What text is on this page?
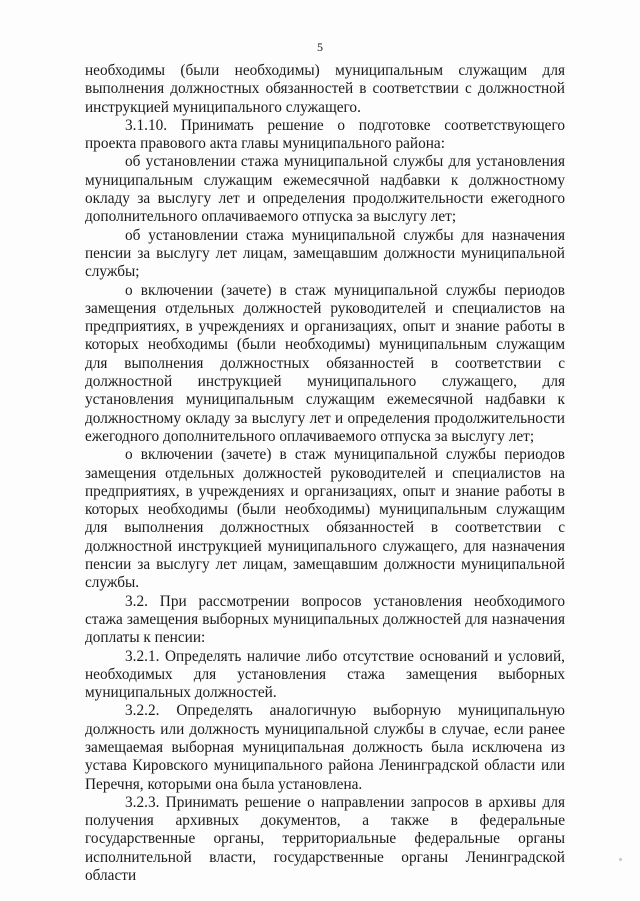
5

необходимы (были необходимы) муниципальным служащим для выполнения должностных обязанностей в соответствии с должностной инструкцией муниципального служащего.

3.1.10. Принимать решение о подготовке соответствующего проекта правового акта главы муниципального района:

об установлении стажа муниципальной службы для установления муниципальным служащим ежемесячной надбавки к должностному окладу за выслугу лет и определения продолжительности ежегодного дополнительного оплачиваемого отпуска за выслугу лет;

об установлении стажа муниципальной службы для назначения пенсии за выслугу лет лицам, замещавшим должности муниципальной службы;

о включении (зачете) в стаж муниципальной службы периодов замещения отдельных должностей руководителей и специалистов на предприятиях, в учреждениях и организациях, опыт и знание работы в которых необходимы (были необходимы) муниципальным служащим для выполнения должностных обязанностей в соответствии с должностной инструкцией муниципального служащего, для установления муниципальным служащим ежемесячной надбавки к должностному окладу за выслугу лет и определения продолжительности ежегодного дополнительного оплачиваемого отпуска за выслугу лет;

о включении (зачете) в стаж муниципальной службы периодов замещения отдельных должностей руководителей и специалистов на предприятиях, в учреждениях и организациях, опыт и знание работы в которых необходимы (были необходимы) муниципальным служащим для выполнения должностных обязанностей в соответствии с должностной инструкцией муниципального служащего, для назначения пенсии за выслугу лет лицам, замещавшим должности муниципальной службы.

3.2. При рассмотрении вопросов установления необходимого стажа замещения выборных муниципальных должностей для назначения доплаты к пенсии:

3.2.1. Определять наличие либо отсутствие оснований и условий, необходимых для установления стажа замещения выборных муниципальных должностей.

3.2.2. Определять аналогичную выборную муниципальную должность или должность муниципальной службы в случае, если ранее замещаемая выборная муниципальная должность была исключена из устава Кировского муниципального района Ленинградской области или Перечня, которыми она была установлена.

3.2.3. Принимать решение о направлении запросов в архивы для получения архивных документов, а также в федеральные государственные органы, территориальные федеральные органы исполнительной власти, государственные органы Ленинградской области
